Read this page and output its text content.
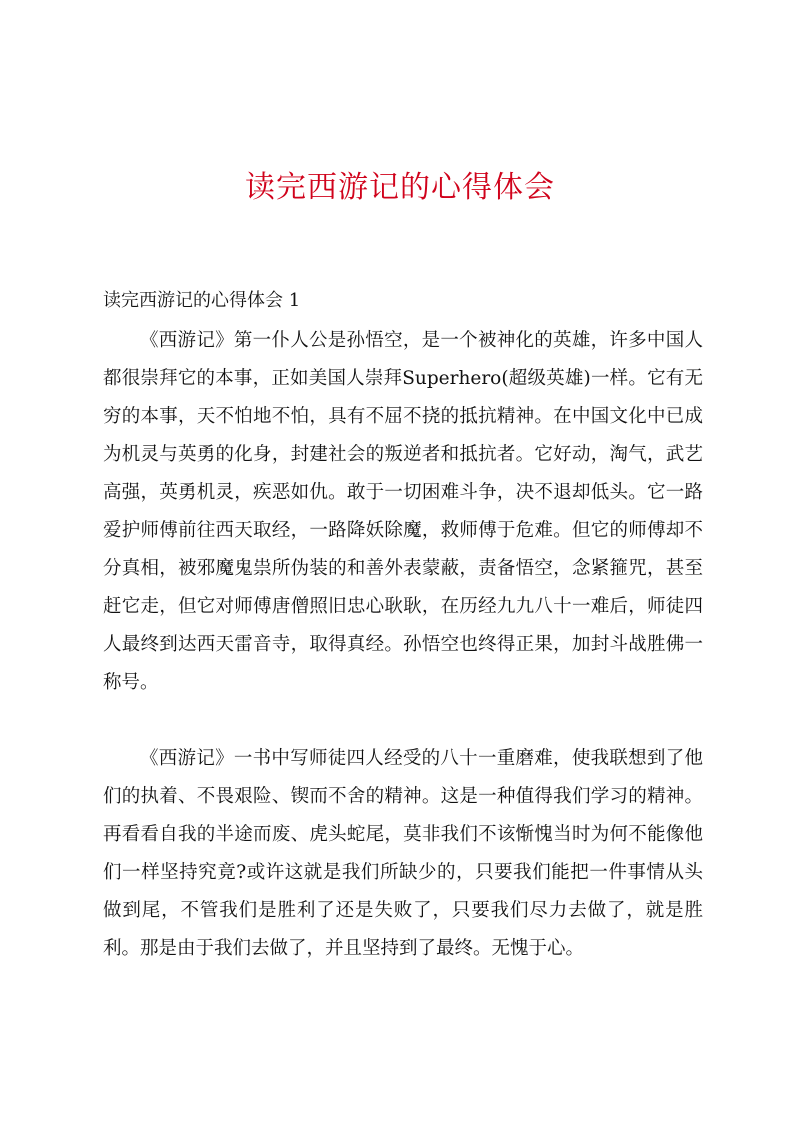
读完西游记的心得体会

读完西游记的心得体会 1

《西游记》第一仆人公是孙悟空，是一个被神化的英雄，许多中国人都很崇拜它的本事，正如美国人崇拜Superhero(超级英雄)一样。它有无穷的本事，天不怕地不怕，具有不屈不挠的抵抗精神。在中国文化中已成为机灵与英勇的化身，封建社会的叛逆者和抵抗者。它好动，淘气，武艺高强，英勇机灵，疾恶如仇。敢于一切困难斗争，决不退却低头。它一路爱护师傅前往西天取经，一路降妖除魔，救师傅于危难。但它的师傅却不分真相，被邪魔鬼祟所伪装的和善外表蒙蔽，责备悟空，念紧箍咒，甚至赶它走，但它对师傅唐僧照旧忠心耿耿，在历经九九八十一难后，师徒四人最终到达西天雷音寺，取得真经。孙悟空也终得正果，加封斗战胜佛一称号。

《西游记》一书中写师徒四人经受的八十一重磨难，使我联想到了他们的执着、不畏艰险、锲而不舍的精神。这是一种值得我们学习的精神。再看看自我的半途而废、虎头蛇尾，莫非我们不该惭愧当时为何不能像他们一样坚持究竟?或许这就是我们所缺少的，只要我们能把一件事情从头做到尾，不管我们是胜利了还是失败了，只要我们尽力去做了，就是胜利。那是由于我们去做了，并且坚持到了最终。无愧于心。
